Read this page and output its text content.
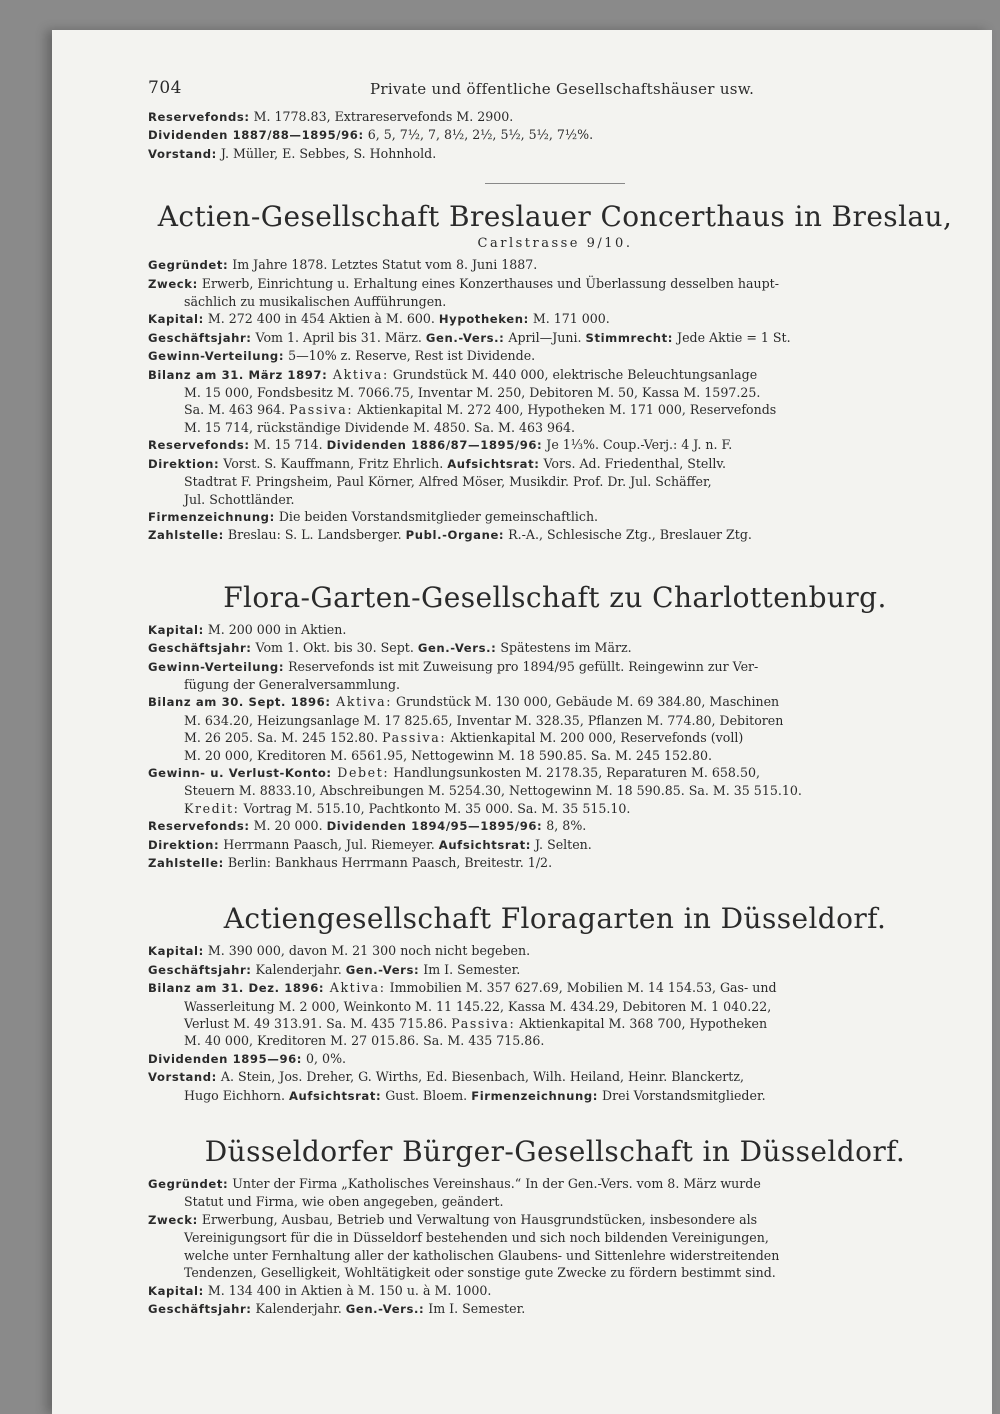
704	Private und öffentliche Gesellschaftshäuser usw.
Reservefonds: M. 1778.83, Extrareservefonds M. 2900.
Dividenden 1887/88—1895/96: 6, 5, 7½, 7, 8½, 2½, 5½, 5½, 7½%.
Vorstand: J. Müller, E. Sebbes, S. Hohnhold.
Actien-Gesellschaft Breslauer Concerthaus in Breslau,
Carlstrasse 9/10.
Gegründet: Im Jahre 1878. Letztes Statut vom 8. Juni 1887.
Zweck: Erwerb, Einrichtung u. Erhaltung eines Konzerthauses und Überlassung desselben haupt-
sächlich zu musikalischen Aufführungen.
Kapital: M. 272 400 in 454 Aktien à M. 600. Hypotheken: M. 171 000.
Geschäftsjahr: Vom 1. April bis 31. März. Gen.-Vers.: April—Juni. Stimmrecht: Jede Aktie = 1 St.
Gewinn-Verteilung: 5—10% z. Reserve, Rest ist Dividende.
Bilanz am 31. März 1897: Aktiva: Grundstück M. 440 000, elektrische Beleuchtungsanlage
M. 15 000, Fondsbesitz M. 7066.75, Inventar M. 250, Debitoren M. 50, Kassa M. 1597.25.
Sa. M. 463 964. Passiva: Aktienkapital M. 272 400, Hypotheken M. 171 000, Reservefonds
M. 15 714, rückständige Dividende M. 4850. Sa. M. 463 964.
Reservefonds: M. 15 714. Dividenden 1886/87—1895/96: Je 1⅓%. Coup.-Verj.: 4 J. n. F.
Direktion: Vorst. S. Kauffmann, Fritz Ehrlich. Aufsichtsrat: Vors. Ad. Friedenthal, Stellv.
Stadtrat F. Pringsheim, Paul Körner, Alfred Möser, Musikdir. Prof. Dr. Jul. Schäffer,
Jul. Schottländer.
Firmenzeichnung: Die beiden Vorstandsmitglieder gemeinschaftlich.
Zahlstelle: Breslau: S. L. Landsberger. Publ.-Organe: R.-A., Schlesische Ztg., Breslauer Ztg.
Flora-Garten-Gesellschaft zu Charlottenburg.
Kapital: M. 200 000 in Aktien.
Geschäftsjahr: Vom 1. Okt. bis 30. Sept. Gen.-Vers.: Spätestens im März.
Gewinn-Verteilung: Reservefonds ist mit Zuweisung pro 1894/95 gefüllt. Reingewinn zur Ver-
fügung der Generalversammlung.
Bilanz am 30. Sept. 1896: Aktiva: Grundstück M. 130 000, Gebäude M. 69 384.80, Maschinen
M. 634.20, Heizungsanlage M. 17 825.65, Inventar M. 328.35, Pflanzen M. 774.80, Debitoren
M. 26 205. Sa. M. 245 152.80. Passiva: Aktienkapital M. 200 000, Reservefonds (voll)
M. 20 000, Kreditoren M. 6561.95, Nettogewinn M. 18 590.85. Sa. M. 245 152.80.
Gewinn- u. Verlust-Konto: Debet: Handlungsunkosten M. 2178.35, Reparaturen M. 658.50,
Steuern M. 8833.10, Abschreibungen M. 5254.30, Nettogewinn M. 18 590.85. Sa. M. 35 515.10.
Kredit: Vortrag M. 515.10, Pachtkonto M. 35 000. Sa. M. 35 515.10.
Reservefonds: M. 20 000. Dividenden 1894/95—1895/96: 8, 8%.
Direktion: Herrmann Paasch, Jul. Riemeyer. Aufsichtsrat: J. Selten.
Zahlstelle: Berlin: Bankhaus Herrmann Paasch, Breitestr. 1/2.
Actiengesellschaft Floragarten in Düsseldorf.
Kapital: M. 390 000, davon M. 21 300 noch nicht begeben.
Geschäftsjahr: Kalenderjahr. Gen.-Vers: Im I. Semester.
Bilanz am 31. Dez. 1896: Aktiva: Immobilien M. 357 627.69, Mobilien M. 14 154.53, Gas- und
Wasserleitung M. 2 000, Weinkonto M. 11 145.22, Kassa M. 434.29, Debitoren M. 1 040.22,
Verlust M. 49 313.91. Sa. M. 435 715.86. Passiva: Aktienkapital M. 368 700, Hypotheken
M. 40 000, Kreditoren M. 27 015.86. Sa. M. 435 715.86.
Dividenden 1895—96: 0, 0%.
Vorstand: A. Stein, Jos. Dreher, G. Wirths, Ed. Biesenbach, Wilh. Heiland, Heinr. Blanckertz,
Hugo Eichhorn. Aufsichtsrat: Gust. Bloem. Firmenzeichnung: Drei Vorstandsmitglieder.
Düsseldorfer Bürger-Gesellschaft in Düsseldorf.
Gegründet: Unter der Firma „Katholisches Vereinshaus.“ In der Gen.-Vers. vom 8. März wurde
Statut und Firma, wie oben angegeben, geändert.
Zweck: Erwerbung, Ausbau, Betrieb und Verwaltung von Hausgrundstücken, insbesondere als
Vereinigungsort für die in Düsseldorf bestehenden und sich noch bildenden Vereinigungen,
welche unter Fernhaltung aller der katholischen Glaubens- und Sittenlehre widerstreitenden
Tendenzen, Geselligkeit, Wohltätigkeit oder sonstige gute Zwecke zu fördern bestimmt sind.
Kapital: M. 134 400 in Aktien à M. 150 u. à M. 1000.
Geschäftsjahr: Kalenderjahr. Gen.-Vers.: Im I. Semester.
